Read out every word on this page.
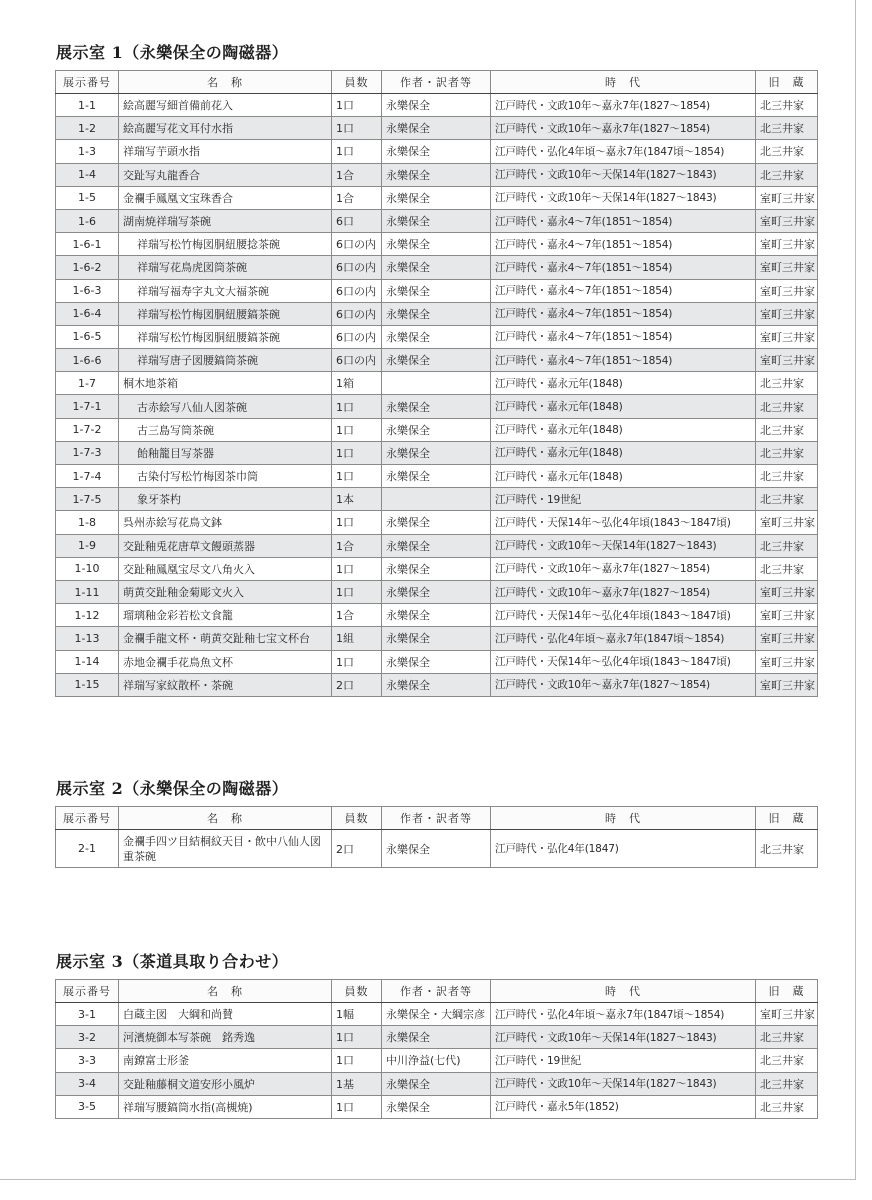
展示室 1（永樂保全の陶磁器）
展示番号	名　称	員数	作者・訳者等	時　代	旧　蔵
1-1	絵高麗写細首備前花入	1口	永樂保全	江戸時代・文政10年〜嘉永7年(1827〜1854)	北三井家
1-2	絵高麗写花文耳付水指	1口	永樂保全	江戸時代・文政10年〜嘉永7年(1827〜1854)	北三井家
1-3	祥瑞写芋頭水指	1口	永樂保全	江戸時代・弘化4年頃〜嘉永7年(1847頃〜1854)	北三井家
1-4	交趾写丸龍香合	1合	永樂保全	江戸時代・文政10年〜天保14年(1827〜1843)	北三井家
1-5	金襴手鳳凰文宝珠香合	1合	永樂保全	江戸時代・文政10年〜天保14年(1827〜1843)	室町三井家
1-6	湖南焼祥瑞写茶碗	6口	永樂保全	江戸時代・嘉永4〜7年(1851〜1854)	室町三井家
1-6-1	祥瑞写松竹梅図胴紐腰捻茶碗	6口の内	永樂保全	江戸時代・嘉永4〜7年(1851〜1854)	室町三井家
1-6-2	祥瑞写花鳥虎図筒茶碗	6口の内	永樂保全	江戸時代・嘉永4〜7年(1851〜1854)	室町三井家
1-6-3	祥瑞写福寿字丸文大福茶碗	6口の内	永樂保全	江戸時代・嘉永4〜7年(1851〜1854)	室町三井家
1-6-4	祥瑞写松竹梅図胴紐腰鎬茶碗	6口の内	永樂保全	江戸時代・嘉永4〜7年(1851〜1854)	室町三井家
1-6-5	祥瑞写松竹梅図胴紐腰鎬茶碗	6口の内	永樂保全	江戸時代・嘉永4〜7年(1851〜1854)	室町三井家
1-6-6	祥瑞写唐子図腰鎬筒茶碗	6口の内	永樂保全	江戸時代・嘉永4〜7年(1851〜1854)	室町三井家
1-7	桐木地茶箱	1箱		江戸時代・嘉永元年(1848)	北三井家
1-7-1	古赤絵写八仙人図茶碗	1口	永樂保全	江戸時代・嘉永元年(1848)	北三井家
1-7-2	古三島写筒茶碗	1口	永樂保全	江戸時代・嘉永元年(1848)	北三井家
1-7-3	飴釉籠目写茶器	1口	永樂保全	江戸時代・嘉永元年(1848)	北三井家
1-7-4	古染付写松竹梅図茶巾筒	1口	永樂保全	江戸時代・嘉永元年(1848)	北三井家
1-7-5	象牙茶杓	1本		江戸時代・19世紀	北三井家
1-8	呉州赤絵写花鳥文鉢	1口	永樂保全	江戸時代・天保14年〜弘化4年頃(1843〜1847頃)	室町三井家
1-9	交趾釉兎花唐草文饅頭蒸器	1合	永樂保全	江戸時代・文政10年〜天保14年(1827〜1843)	北三井家
1-10	交趾釉鳳凰宝尽文八角火入	1口	永樂保全	江戸時代・文政10年〜嘉永7年(1827〜1854)	北三井家
1-11	萌黄交趾釉金菊彫文火入	1口	永樂保全	江戸時代・文政10年〜嘉永7年(1827〜1854)	室町三井家
1-12	瑠璃釉金彩若松文食籠	1合	永樂保全	江戸時代・天保14年〜弘化4年頃(1843〜1847頃)	室町三井家
1-13	金襴手龍文杯・萌黄交趾釉七宝文杯台	1組	永樂保全	江戸時代・弘化4年頃〜嘉永7年(1847頃〜1854)	室町三井家
1-14	赤地金襴手花鳥魚文杯	1口	永樂保全	江戸時代・天保14年〜弘化4年頃(1843〜1847頃)	室町三井家
1-15	祥瑞写家紋散杯・茶碗	2口	永樂保全	江戸時代・文政10年〜嘉永7年(1827〜1854)	室町三井家
展示室 2（永樂保全の陶磁器）
展示番号	名　称	員数	作者・訳者等	時　代	旧　蔵
2-1	金襴手四ツ目結桐紋天目・飲中八仙人図重茶碗	2口	永樂保全	江戸時代・弘化4年(1847)	北三井家
展示室 3（茶道具取り合わせ）
展示番号	名　称	員数	作者・訳者等	時　代	旧　蔵
3-1	白蔵主図　大綱和尚賛	1幅	永樂保全・大綱宗彦	江戸時代・弘化4年頃〜嘉永7年(1847頃〜1854)	室町三井家
3-2	河濱焼御本写茶碗　銘秀逸	1口	永樂保全	江戸時代・文政10年〜天保14年(1827〜1843)	北三井家
3-3	南鐐富士形釜	1口	中川浄益(七代)	江戸時代・19世紀	北三井家
3-4	交趾釉藤桐文道安形小風炉	1基	永樂保全	江戸時代・文政10年〜天保14年(1827〜1843)	北三井家
3-5	祥瑞写腰鎬筒水指(高槻焼)	1口	永樂保全	江戸時代・嘉永5年(1852)	北三井家
